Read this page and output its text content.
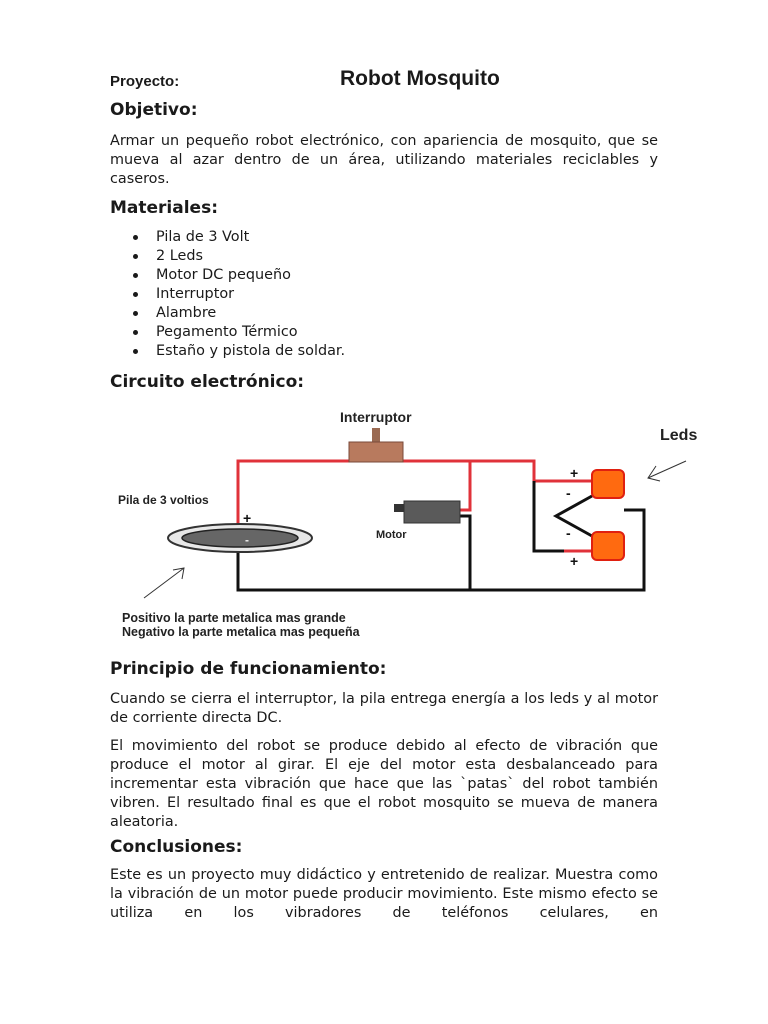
Proyecto:	Robot Mosquito
Objetivo:

Armar un pequeño robot electrónico, con apariencia de mosquito, que se mueva al azar dentro de un área, utilizando materiales reciclables y caseros.

Materiales:
Pila de 3 Volt
2 Leds
Motor DC pequeño
Interruptor
Alambre
Pegamento Térmico
Estaño y pistola de soldar.
Circuito electrónico:
Interruptor
Leds
Pila de 3 voltios
Motor
+
-
+
-
-
+
Positivo la parte metalica mas grande
Negativo la parte metalica mas pequeña
Principio de funcionamiento:

Cuando se cierra el interruptor, la pila entrega energía a los leds y al motor de corriente directa DC.

El movimiento del robot se produce debido al efecto de vibración que produce el motor al girar. El eje del motor esta desbalanceado para incrementar esta vibración que hace que las `patas` del robot también vibren. El resultado final es que el robot mosquito se mueva de manera aleatoria.

Conclusiones:

Este es un proyecto muy didáctico y entretenido de realizar. Muestra como la vibración de un motor puede producir movimiento. Este mismo efecto se utiliza en los vibradores de teléfonos celulares, en
